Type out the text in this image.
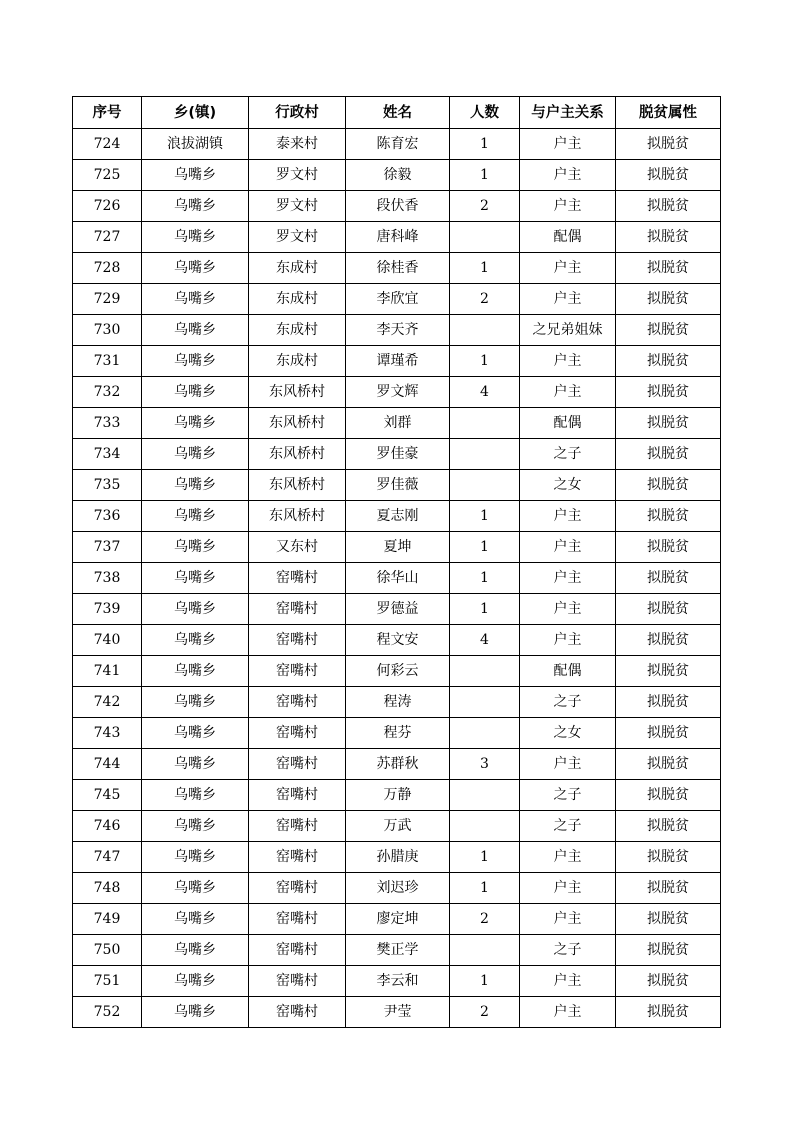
序号	乡(镇)	行政村	姓名	人数	与户主关系	脱贫属性
724	浪拔湖镇	泰来村	陈育宏	1	户主	拟脱贫
725	乌嘴乡	罗文村	徐毅	1	户主	拟脱贫
726	乌嘴乡	罗文村	段伏香	2	户主	拟脱贫
727	乌嘴乡	罗文村	唐科峰		配偶	拟脱贫
728	乌嘴乡	东成村	徐桂香	1	户主	拟脱贫
729	乌嘴乡	东成村	李欣宜	2	户主	拟脱贫
730	乌嘴乡	东成村	李天齐		之兄弟姐妹	拟脱贫
731	乌嘴乡	东成村	谭瑾希	1	户主	拟脱贫
732	乌嘴乡	东风桥村	罗文辉	4	户主	拟脱贫
733	乌嘴乡	东风桥村	刘群		配偶	拟脱贫
734	乌嘴乡	东风桥村	罗佳豪		之子	拟脱贫
735	乌嘴乡	东风桥村	罗佳薇		之女	拟脱贫
736	乌嘴乡	东风桥村	夏志刚	1	户主	拟脱贫
737	乌嘴乡	又东村	夏坤	1	户主	拟脱贫
738	乌嘴乡	窑嘴村	徐华山	1	户主	拟脱贫
739	乌嘴乡	窑嘴村	罗德益	1	户主	拟脱贫
740	乌嘴乡	窑嘴村	程文安	4	户主	拟脱贫
741	乌嘴乡	窑嘴村	何彩云		配偶	拟脱贫
742	乌嘴乡	窑嘴村	程涛		之子	拟脱贫
743	乌嘴乡	窑嘴村	程芬		之女	拟脱贫
744	乌嘴乡	窑嘴村	苏群秋	3	户主	拟脱贫
745	乌嘴乡	窑嘴村	万静		之子	拟脱贫
746	乌嘴乡	窑嘴村	万武		之子	拟脱贫
747	乌嘴乡	窑嘴村	孙腊庚	1	户主	拟脱贫
748	乌嘴乡	窑嘴村	刘迟珍	1	户主	拟脱贫
749	乌嘴乡	窑嘴村	廖定坤	2	户主	拟脱贫
750	乌嘴乡	窑嘴村	樊正学		之子	拟脱贫
751	乌嘴乡	窑嘴村	李云和	1	户主	拟脱贫
752	乌嘴乡	窑嘴村	尹莹	2	户主	拟脱贫
